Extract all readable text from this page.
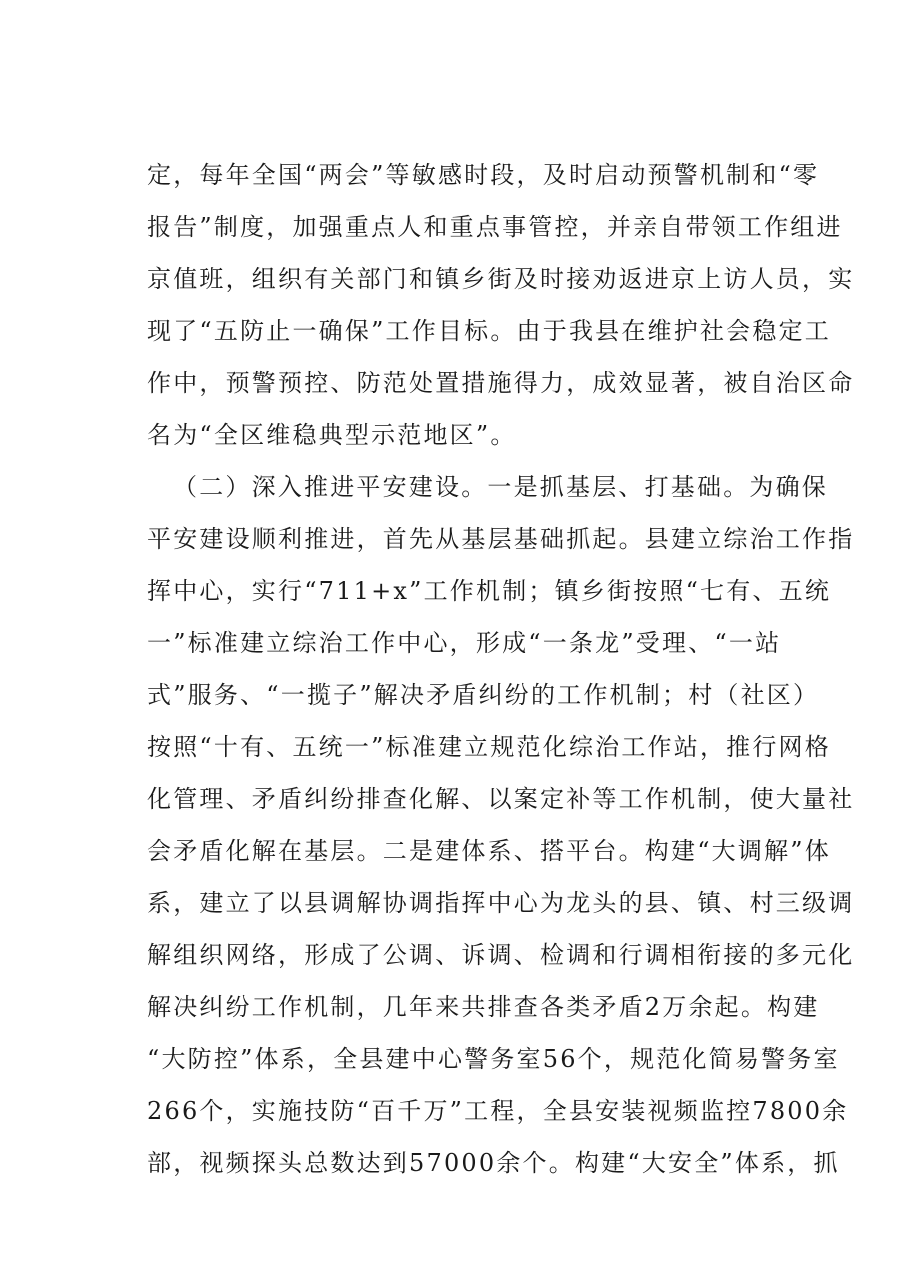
定，每年全国“两会”等敏感时段，及时启动预警机制和“零
报告”制度，加强重点人和重点事管控，并亲自带领工作组进
京值班，组织有关部门和镇乡街及时接劝返进京上访人员，实
现了“五防止一确保”工作目标。由于我县在维护社会稳定工
作中，预警预控、防范处置措施得力，成效显著，被自治区命
名为“全区维稳典型示范地区”。
（二）深入推进平安建设。一是抓基层、打基础。为确保
平安建设顺利推进，首先从基层基础抓起。县建立综治工作指
挥中心，实行“711+x”工作机制；镇乡街按照“七有、五统
一”标准建立综治工作中心，形成“一条龙”受理、“一站
式”服务、“一揽子”解决矛盾纠纷的工作机制；村（社区）
按照“十有、五统一”标准建立规范化综治工作站，推行网格
化管理、矛盾纠纷排查化解、以案定补等工作机制，使大量社
会矛盾化解在基层。二是建体系、搭平台。构建“大调解”体
系，建立了以县调解协调指挥中心为龙头的县、镇、村三级调
解组织网络，形成了公调、诉调、检调和行调相衔接的多元化
解决纠纷工作机制，几年来共排查各类矛盾2万余起。构建
“大防控”体系，全县建中心警务室56个，规范化简易警务室
266个，实施技防“百千万”工程，全县安装视频监控7800余
部，视频探头总数达到57000余个。构建“大安全”体系，抓
